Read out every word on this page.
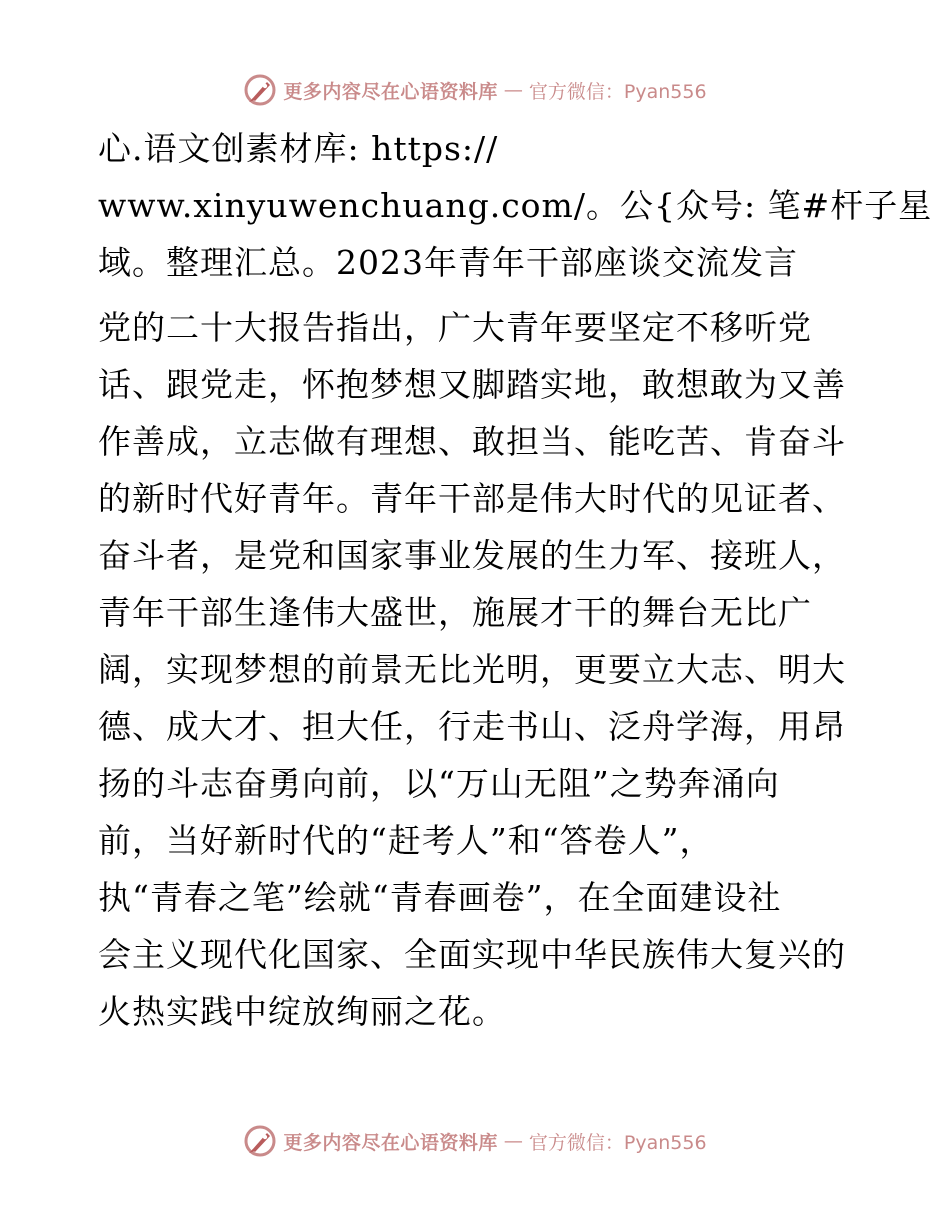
更多内容尽在心语资料库 — 官方微信：Pyan556
心.语文创素材库: https://
www.xinyuwenchuang.com/。公{众号: 笔#杆子星
域。整理汇总。2023年青年干部座谈交流发言
党的二十大报告指出，广大青年要坚定不移听党
话、跟党走，怀抱梦想又脚踏实地，敢想敢为又善
作善成，立志做有理想、敢担当、能吃苦、肯奋斗
的新时代好青年。青年干部是伟大时代的见证者、
奋斗者，是党和国家事业发展的生力军、接班人，
青年干部生逢伟大盛世，施展才干的舞台无比广
阔，实现梦想的前景无比光明，更要立大志、明大
德、成大才、担大任，行走书山、泛舟学海，用昂
扬的斗志奋勇向前，以“万山无阻”之势奔涌向
前，当好新时代的“赶考人”和“答卷人”，
执“青春之笔”绘就“青春画卷”，在全面建设社
会主义现代化国家、全面实现中华民族伟大复兴的
火热实践中绽放绚丽之花。
更多内容尽在心语资料库 — 官方微信：Pyan556
